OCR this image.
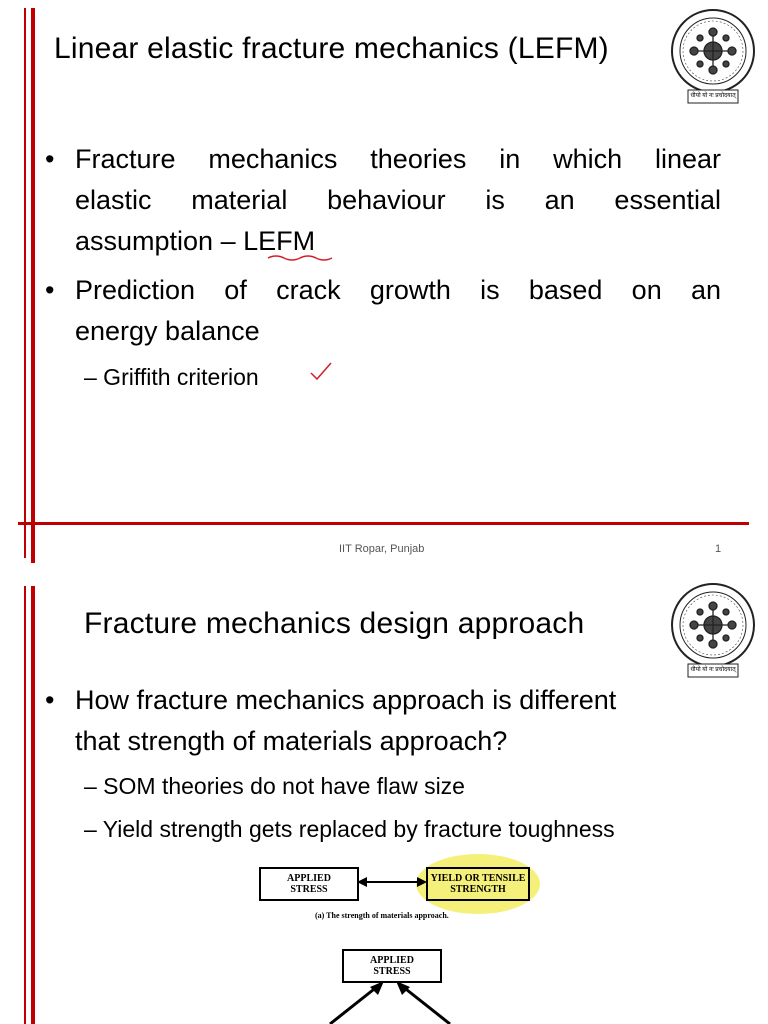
Linear elastic fracture mechanics (LEFM)
धीयो यो नः प्रचोदयात्
• Fracture mechanics theories in which linear
elastic material behaviour is an essential
assumption – LEFM
• Prediction of crack growth is based on an
energy balance
– Griffith criterion
IIT Ropar, Punjab	1
Fracture mechanics design approach
धीयो यो नः प्रचोदयात्
• How fracture mechanics approach is different
that strength of materials approach?
– SOM theories do not have flaw size
– Yield strength gets replaced by fracture toughness
APPLIED
STRESS
YIELD OR TENSILE
STRENGTH
(a) The strength of materials approach.
APPLIED
STRESS
